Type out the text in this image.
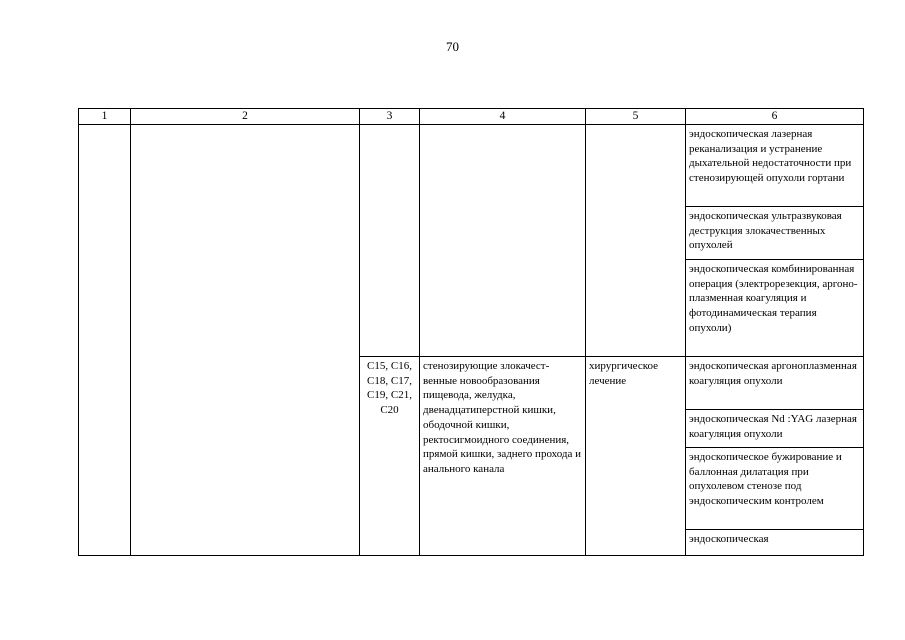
70
1	2	3	4	5	6
					эндоскопическая лазерная реканализация и устранение дыхательной недостаточности при стенозирующей опухоли гортани
					эндоскопическая ультразвуковая деструкция злокачественных опухолей
					эндоскопическая комбинированная операция (электрорезекция, аргоно-плазменная коагуляция и фотодинамическая терапия опухоли)
		С15, С16, С18, С17, С19, С21, С20	стенозирующие злокачест-венные новообразования пищевода, желудка, двенадцатиперстной кишки, ободочной кишки, ректосигмоидного соединения, прямой кишки, заднего прохода и анального канала	хирургическое лечение	эндоскопическая аргоноплазменная коагуляция опухоли
					эндоскопическая Nd :YAG лазерная коагуляция опухоли
					эндоскопическое бужирование и баллонная дилатация при опухолевом стенозе под эндоскопическим контролем
					эндоскопическая
